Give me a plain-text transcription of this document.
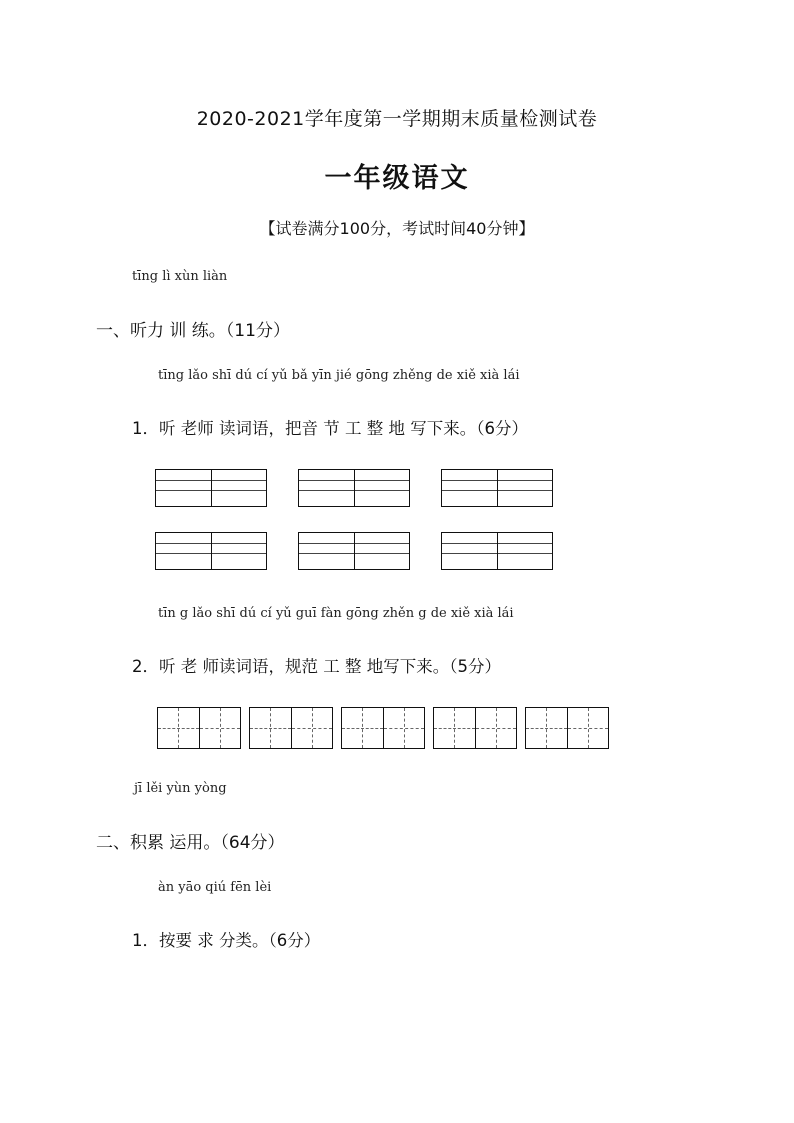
2020-2021学年度第一学期期末质量检测试卷
一年级语文
【试卷满分100分，考试时间40分钟】
tīng lì xùn liàn
一、听力 训 练。（11分）
tīng lǎo shī dú cí yǔ bǎ yīn jié gōng zhěng de xiě xià lái
1．听 老师 读词语，把音 节 工 整 地 写下来。（6分）
tīn g lǎo shī dú cí yǔ guī fàn gōng zhěn g de xiě xià lái
2．听 老 师读词语，规范 工 整 地写下来。（5分）
jī lěi yùn yòng
二、积累 运用。（64分）
àn yāo qiú fēn lèi
1．按要 求 分类。（6分）
